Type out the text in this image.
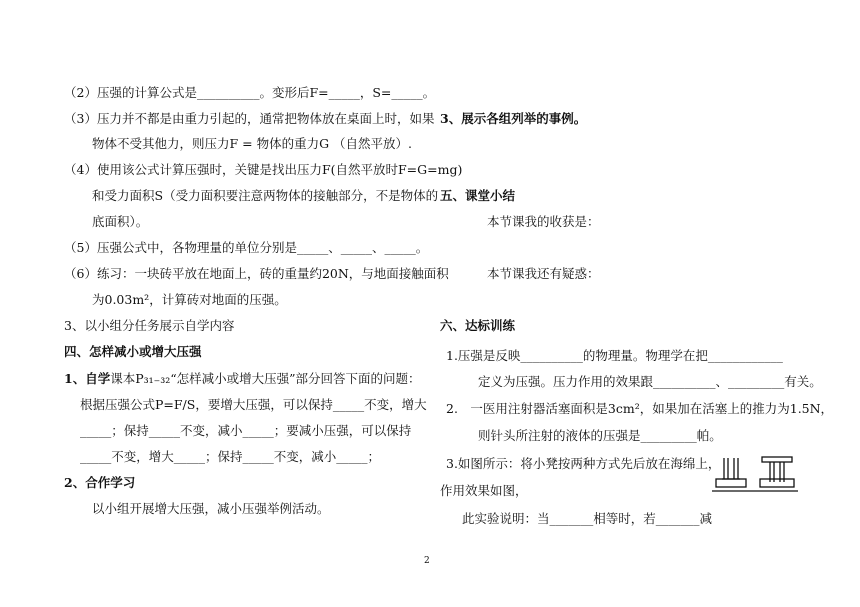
（2）压强的计算公式是__________。变形后F=_____，S=_____。
（3）压力并不都是由重力引起的，通常把物体放在桌面上时，如果
物体不受其他力，则压力F = 物体的重力G （自然平放）.
（4）使用该公式计算压强时，关键是找出压力F(自然平放时F=G=mg)
和受力面积S（受力面积要注意两物体的接触部分，不是物体的
底面积）。
（5）压强公式中，各物理量的单位分别是_____、_____、_____。
（6）练习：一块砖平放在地面上，砖的重量约20N，与地面接触面积
为0.03m²，计算砖对地面的压强。
3、以小组分任务展示自学内容
四、怎样减小或增大压强
1、自学课本P₃₁₋₃₂“怎样减小或增大压强”部分回答下面的问题：
根据压强公式P=F/S，要增大压强，可以保持_____不变，增大
_____；保持_____不变，减小_____；要减小压强，可以保持
_____不变，增大_____；保持_____不变，减小_____；
2、合作学习
以小组开展增大压强，减小压强举例活动。
3、展示各组列举的事例。
五、课堂小结
本节课我的收获是：
本节课我还有疑惑：
六、达标训练
1.压强是反映__________的物理量。物理学在把____________
定义为压强。压力作用的效果跟__________、_________有关。
2.　一医用注射器活塞面积是3cm²，如果加在活塞上的推力为1.5N，
则针头所注射的液体的压强是_________帕。
3.如图所示：将小凳按两种方式先后放在海绵上，
作用效果如图，
此实验说明：当_______相等时，若_______减
2
